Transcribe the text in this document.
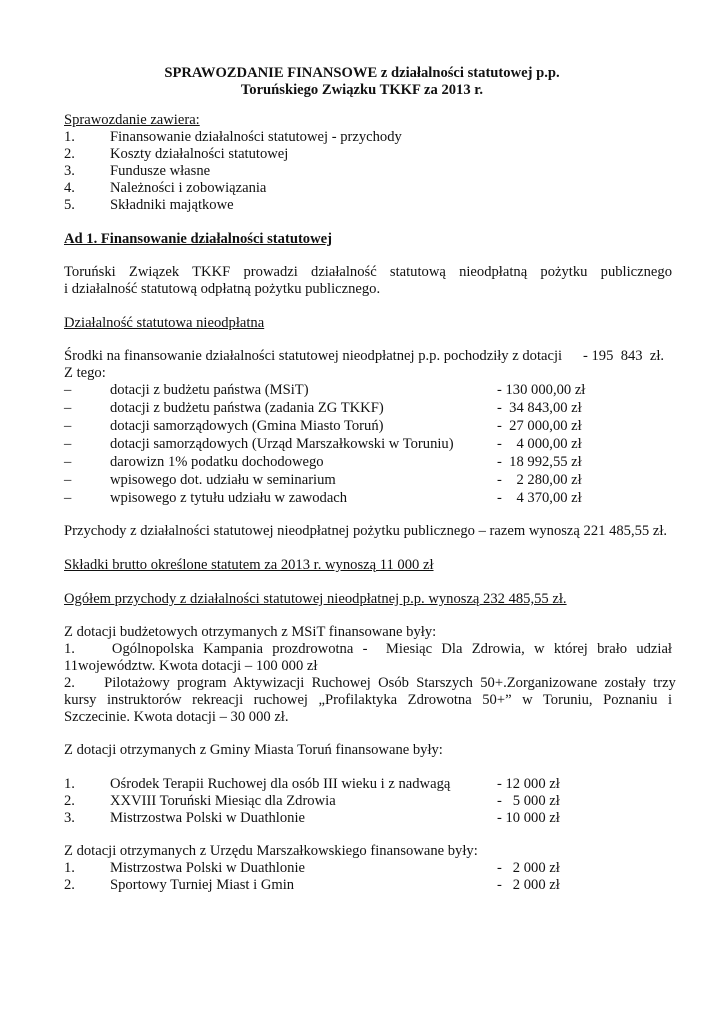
SPRAWOZDANIE FINANSOWE z działalności statutowej p.p.
Toruńskiego Związku TKKF za 2013 r.
Sprawozdanie zawiera:
1. Finansowanie działalności statutowej - przychody
2. Koszty działalności statutowej
3. Fundusze własne
4. Należności i zobowiązania
5. Składniki majątkowe
Ad 1. Finansowanie działalności statutowej
Toruński Związek TKKF prowadzi działalność statutową nieodpłatną pożytku publicznego
i działalność statutową odpłatną pożytku publicznego.
Działalność statutowa nieodpłatna
Środki na finansowanie działalności statutowej nieodpłatnej p.p. pochodziły z dotacji - 195  843  zł.
Z tego:
–	dotacji z budżetu państwa (MSiT)	- 130 000,00 zł
–	dotacji z budżetu państwa (zadania ZG TKKF)	-  34 843,00 zł
–	dotacji samorządowych (Gmina Miasto Toruń)	-  27 000,00 zł
–	dotacji samorządowych (Urząd Marszałkowski w Toruniu)	-    4 000,00 zł
–	darowizn 1% podatku dochodowego	-  18 992,55 zł
–	wpisowego dot. udziału w seminarium	-    2 280,00 zł
–	wpisowego z tytułu udziału w zawodach	-    4 370,00 zł
Przychody z działalności statutowej nieodpłatnej pożytku publicznego – razem wynoszą 221 485,55 zł.
Składki brutto określone statutem za 2013 r. wynoszą 11 000 zł
Ogółem przychody z działalności statutowej nieodpłatnej p.p. wynoszą 232 485,55 zł.
Z dotacji budżetowych otrzymanych z MSiT finansowane były:
1.        Ogólnopolska  Kampania  prozdrowotna  -    Miesiąc  Dla  Zdrowia,  w  której  brało  udział
11województw. Kwota dotacji – 100 000 zł
2.        Pilotażowy  program  Aktywizacji  Ruchowej  Osób  Starszych  50+.Zorganizowane  zostały  trzy
kursy  instruktorów  rekreacji  ruchowej  „Profilaktyka  Zdrowotna  50+”  w  Toruniu,  Poznaniu  i
Szczecinie. Kwota dotacji – 30 000 zł.
Z dotacji otrzymanych z Gminy Miasta Toruń finansowane były:
1. Ośrodek Terapii Ruchowej dla osób III wieku i z nadwagą	- 12 000 zł
2. XXVIII Toruński Miesiąc dla Zdrowia	-   5 000 zł
3. Mistrzostwa Polski w Duathlonie	- 10 000 zł
Z dotacji otrzymanych z Urzędu Marszałkowskiego finansowane były:
1. Mistrzostwa Polski w Duathlonie	-   2 000 zł
2. Sportowy Turniej Miast i Gmin	-   2 000 zł
